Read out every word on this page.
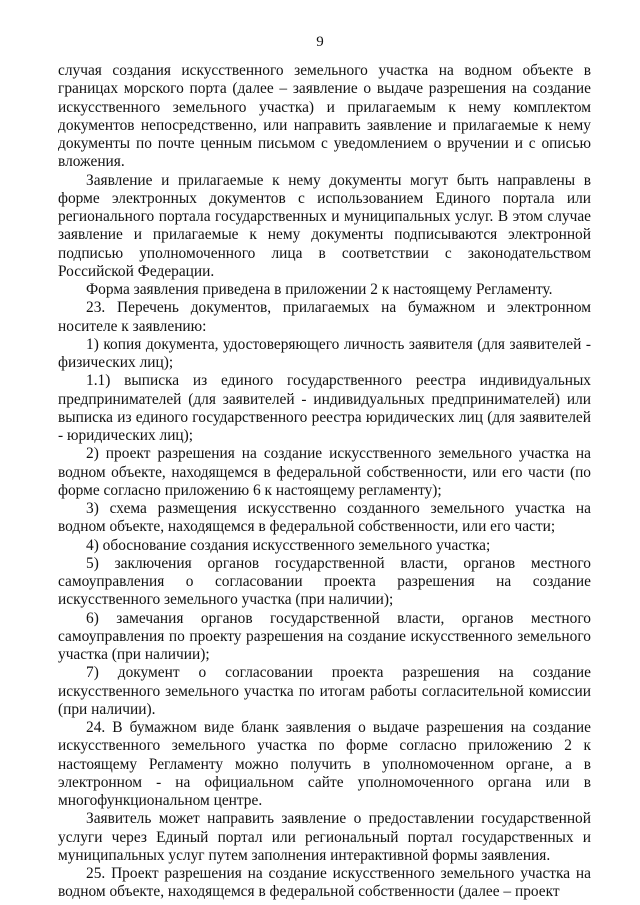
9

случая создания искусственного земельного участка на водном объекте в границах морского порта (далее – заявление о выдаче разрешения на создание искусственного земельного участка) и прилагаемым к нему комплектом документов непосредственно, или направить заявление и прилагаемые к нему документы по почте ценным письмом с уведомлением о вручении и с описью вложения.

Заявление и прилагаемые к нему документы могут быть направлены в форме электронных документов с использованием Единого портала или регионального портала государственных и муниципальных услуг. В этом случае заявление и прилагаемые к нему документы подписываются электронной подписью уполномоченного лица в соответствии с законодательством Российской Федерации.

Форма заявления приведена в приложении 2 к настоящему Регламенту.

23. Перечень документов, прилагаемых на бумажном и электронном носителе к заявлению:

1) копия документа, удостоверяющего личность заявителя (для заявителей - физических лиц);

1.1) выписка из единого государственного реестра индивидуальных предпринимателей (для заявителей - индивидуальных предпринимателей) или выписка из единого государственного реестра юридических лиц (для заявителей - юридических лиц);

2) проект разрешения на создание искусственного земельного участка на водном объекте, находящемся в федеральной собственности, или его части (по форме согласно приложению 6 к настоящему регламенту);

3) схема размещения искусственно созданного земельного участка на водном объекте, находящемся в федеральной собственности, или его части;

4) обоснование создания искусственного земельного участка;

5) заключения органов государственной власти, органов местного самоуправления о согласовании проекта разрешения на создание искусственного земельного участка (при наличии);

6) замечания органов государственной власти, органов местного самоуправления по проекту разрешения на создание искусственного земельного участка (при наличии);

7) документ о согласовании проекта разрешения на создание искусственного земельного участка по итогам работы согласительной комиссии (при наличии).

24. В бумажном виде бланк заявления о выдаче разрешения на создание искусственного земельного участка по форме согласно приложению 2 к настоящему Регламенту можно получить в уполномоченном органе, а в электронном - на официальном сайте уполномоченного органа или в многофункциональном центре.

Заявитель может направить заявление о предоставлении государственной услуги через Единый портал или региональный портал государственных и муниципальных услуг путем заполнения интерактивной формы заявления.

25. Проект разрешения на создание искусственного земельного участка на водном объекте, находящемся в федеральной собственности (далее – проект
